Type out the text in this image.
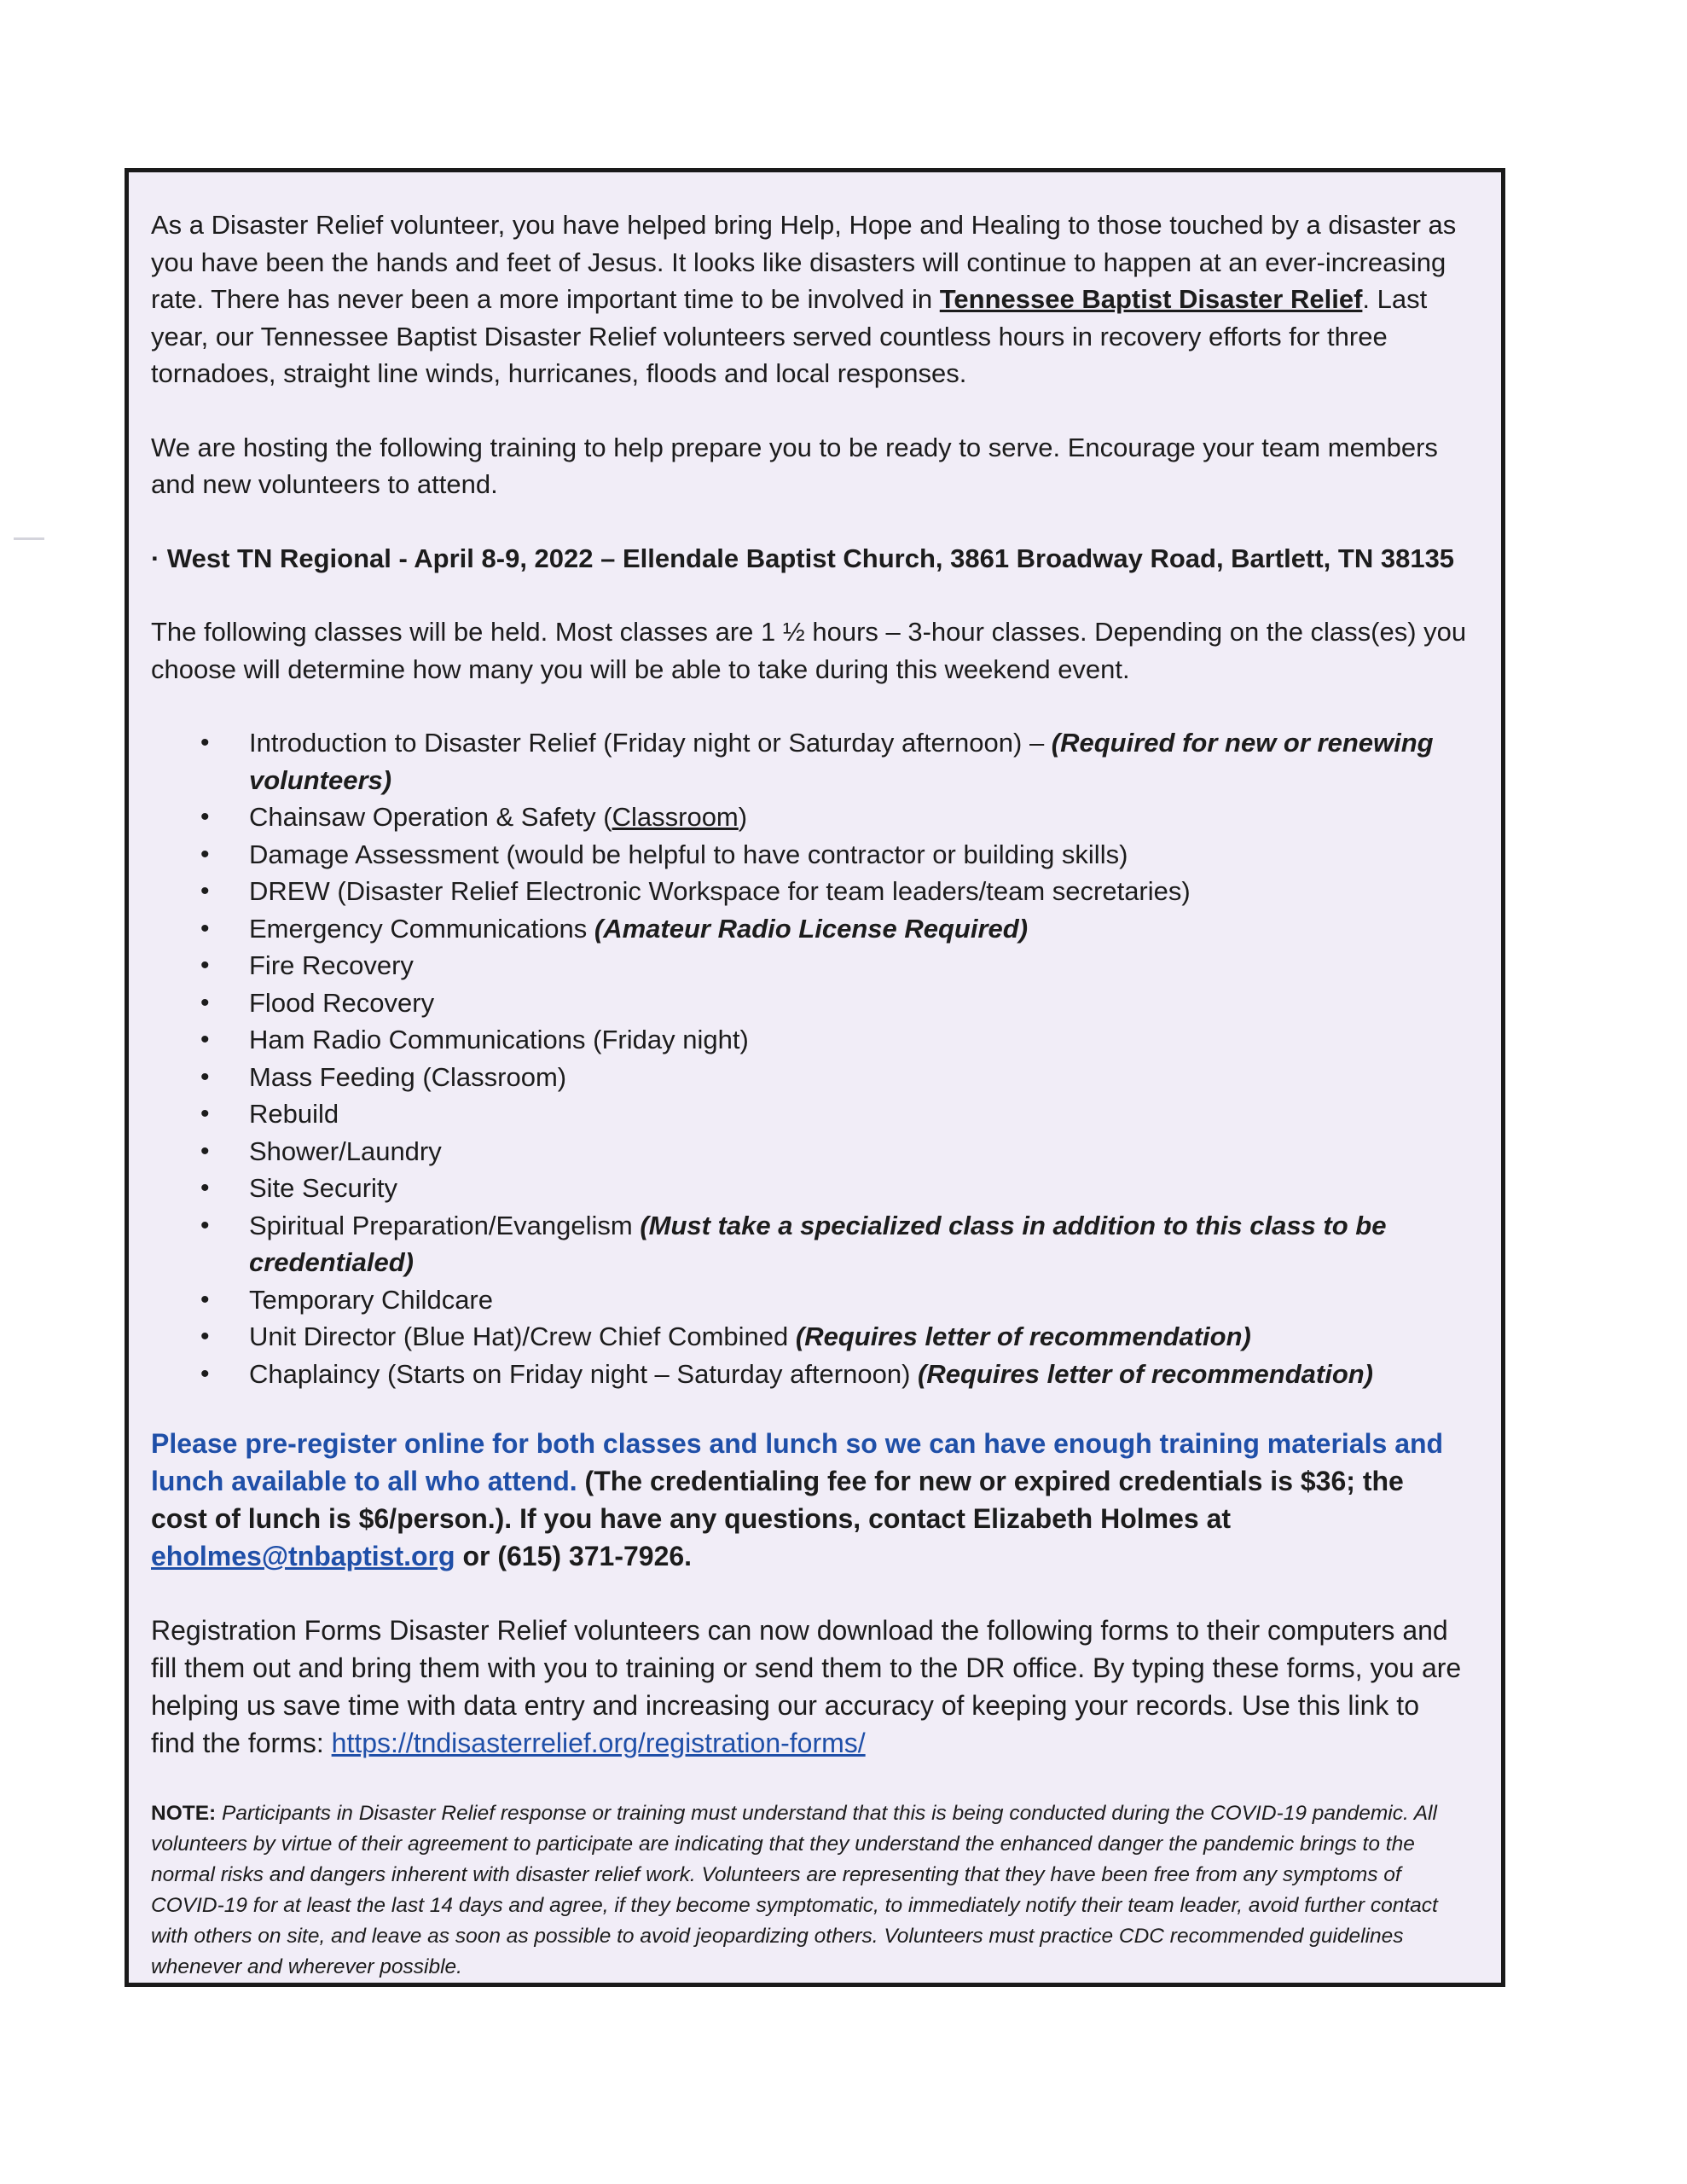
As a Disaster Relief volunteer, you have helped bring Help, Hope and Healing to those touched by a disaster as you have been the hands and feet of Jesus. It looks like disasters will continue to happen at an ever-increasing rate. There has never been a more important time to be involved in Tennessee Baptist Disaster Relief. Last year, our Tennessee Baptist Disaster Relief volunteers served countless hours in recovery efforts for three tornadoes, straight line winds, hurricanes, floods and local responses.

We are hosting the following training to help prepare you to be ready to serve. Encourage your team members and new volunteers to attend.

· West TN Regional - April 8-9, 2022 – Ellendale Baptist Church, 3861 Broadway Road, Bartlett, TN 38135

The following classes will be held. Most classes are 1 ½ hours – 3-hour classes. Depending on the class(es) you choose will determine how many you will be able to take during this weekend event.

• Introduction to Disaster Relief (Friday night or Saturday afternoon) – (Required for new or renewing volunteers)
• Chainsaw Operation & Safety (Classroom)
• Damage Assessment (would be helpful to have contractor or building skills)
• DREW (Disaster Relief Electronic Workspace for team leaders/team secretaries)
• Emergency Communications (Amateur Radio License Required)
• Fire Recovery
• Flood Recovery
• Ham Radio Communications (Friday night)
• Mass Feeding (Classroom)
• Rebuild
• Shower/Laundry
• Site Security
• Spiritual Preparation/Evangelism (Must take a specialized class in addition to this class to be credentialed)
• Temporary Childcare
• Unit Director (Blue Hat)/Crew Chief Combined (Requires letter of recommendation)
• Chaplaincy (Starts on Friday night – Saturday afternoon) (Requires letter of recommendation)

Please pre-register online for both classes and lunch so we can have enough training materials and lunch available to all who attend. (The credentialing fee for new or expired credentials is $36; the cost of lunch is $6/person.). If you have any questions, contact Elizabeth Holmes at eholmes@tnbaptist.org or (615) 371-7926.

Registration Forms Disaster Relief volunteers can now download the following forms to their computers and fill them out and bring them with you to training or send them to the DR office. By typing these forms, you are helping us save time with data entry and increasing our accuracy of keeping your records. Use this link to find the forms: https://tndisasterrelief.org/registration-forms/

NOTE: Participants in Disaster Relief response or training must understand that this is being conducted during the COVID-19 pandemic. All volunteers by virtue of their agreement to participate are indicating that they understand the enhanced danger the pandemic brings to the normal risks and dangers inherent with disaster relief work. Volunteers are representing that they have been free from any symptoms of COVID-19 for at least the last 14 days and agree, if they become symptomatic, to immediately notify their team leader, avoid further contact with others on site, and leave as soon as possible to avoid jeopardizing others. Volunteers must practice CDC recommended guidelines whenever and wherever possible.
